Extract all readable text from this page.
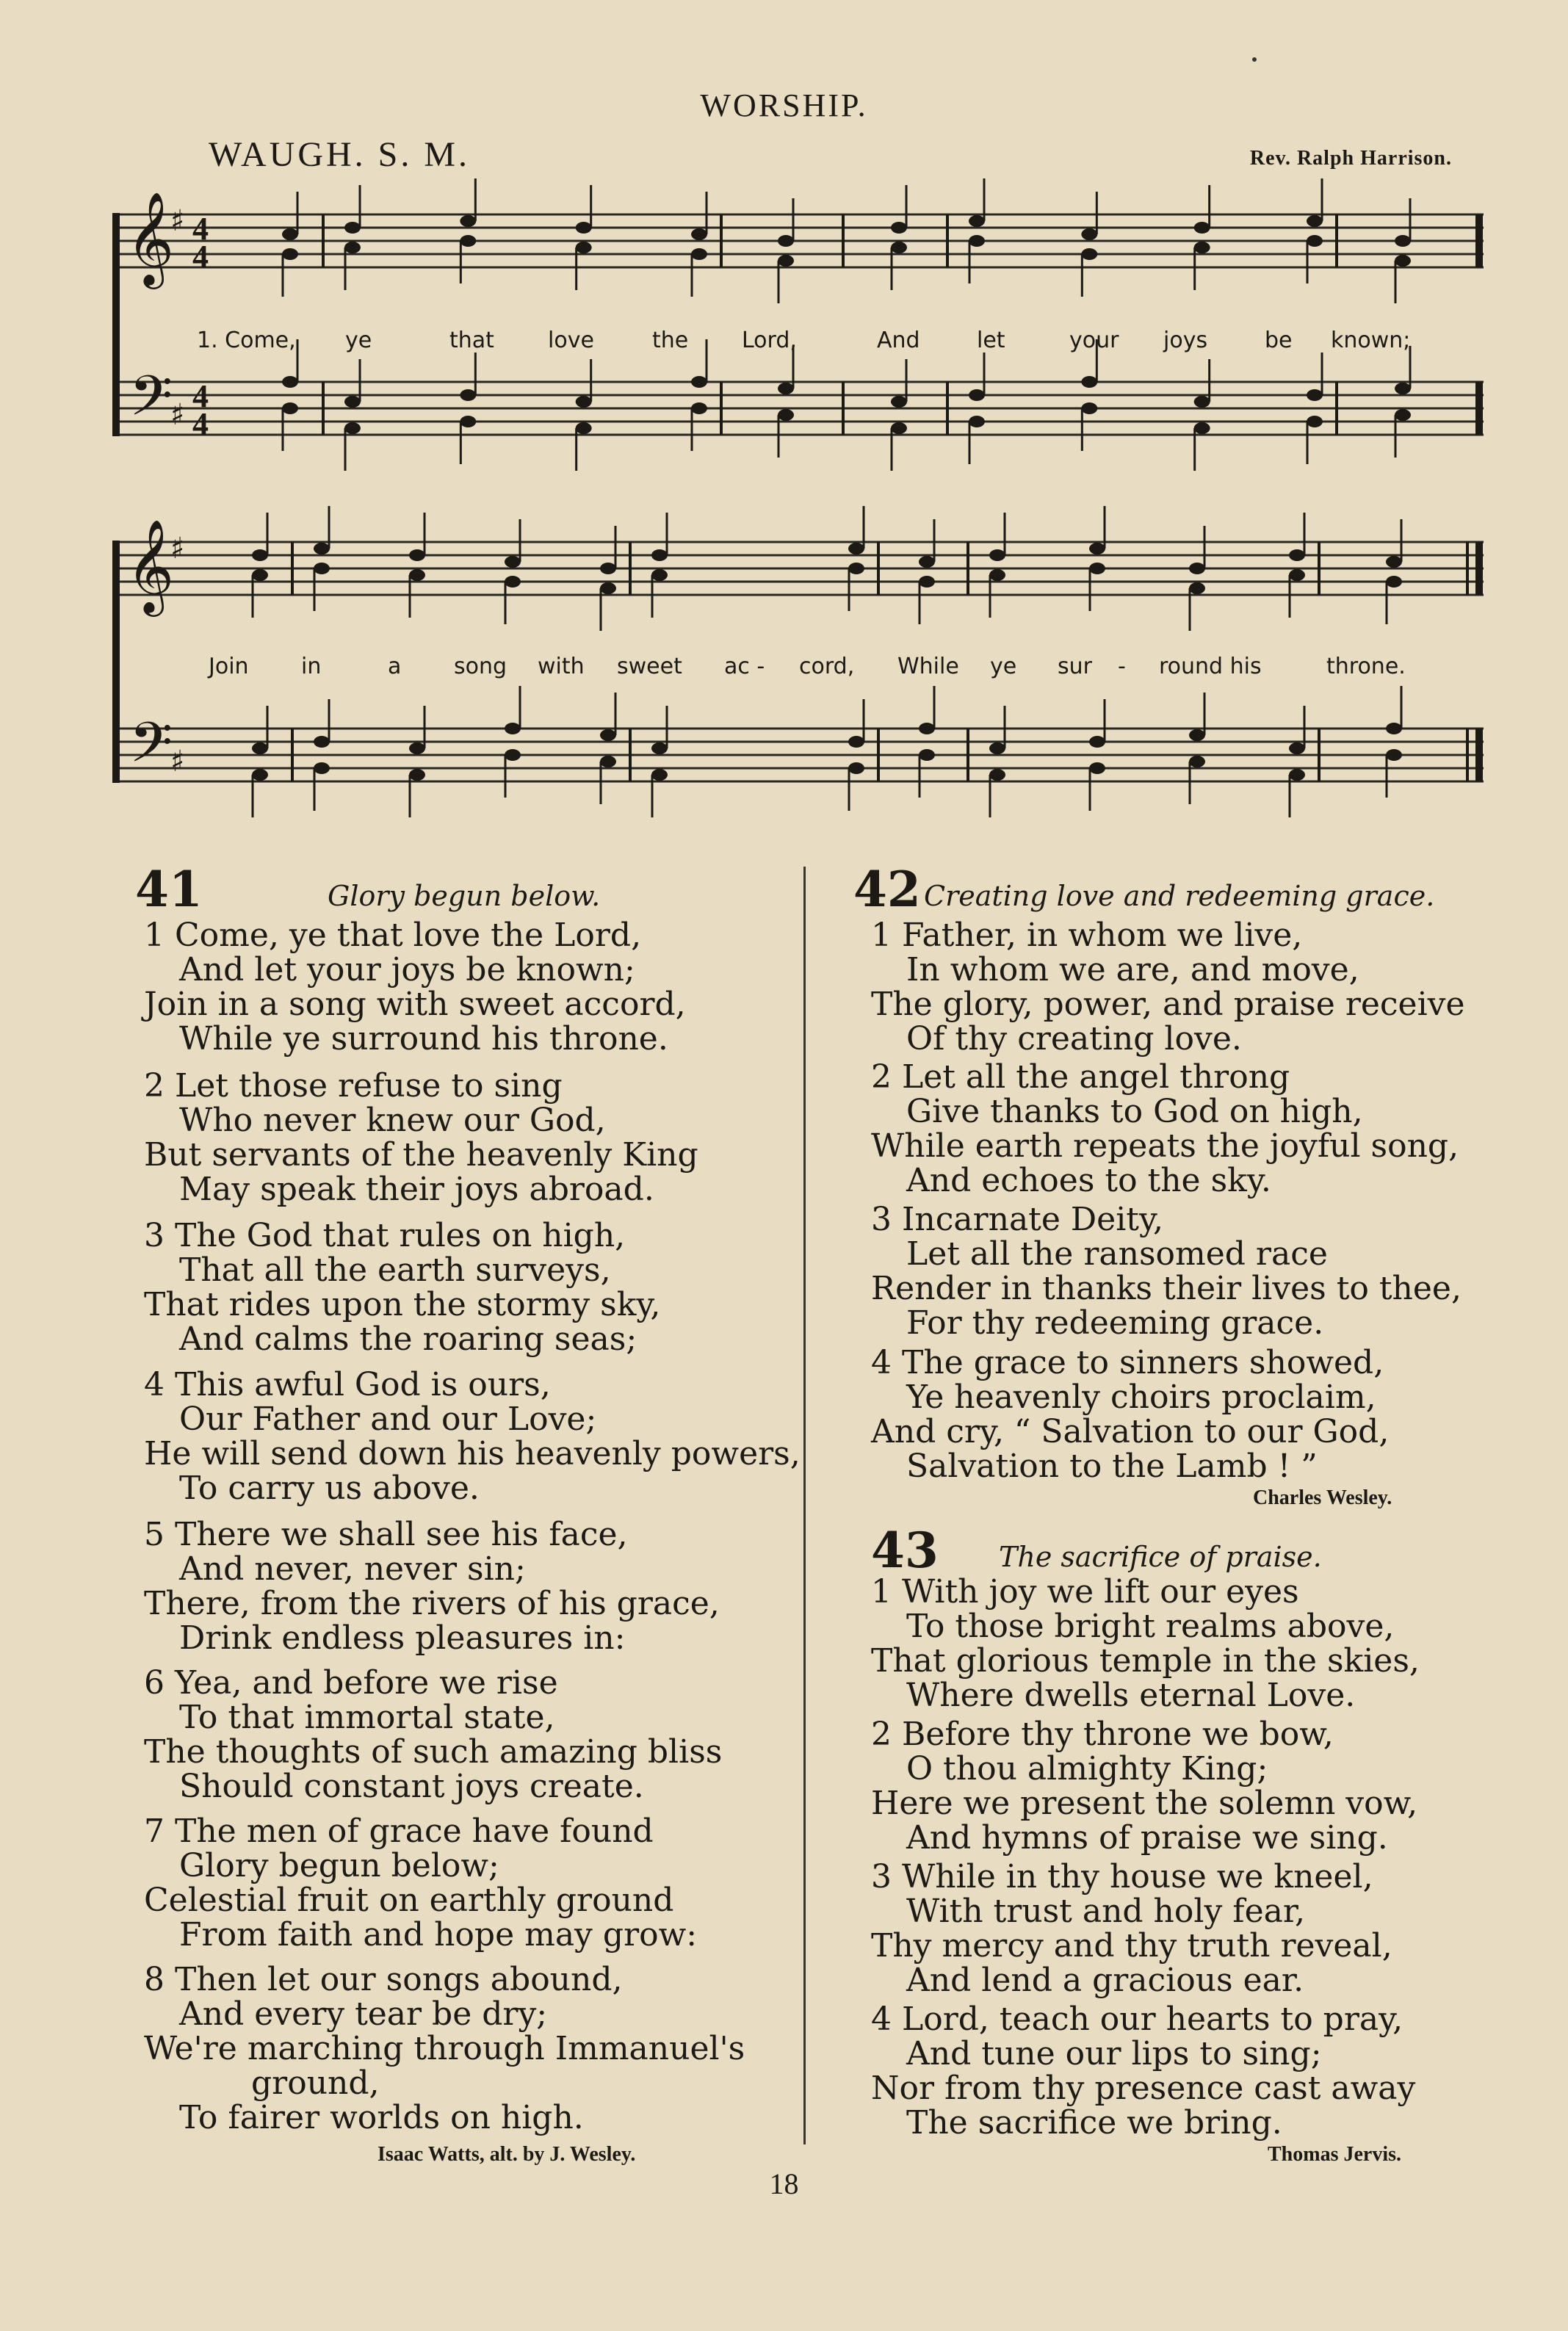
WORSHIP.
WAUGH. S. M.	Rev. Ralph Harrison.
𝄞
𝄢
♯
♯
4
4
4
4
𝄞
𝄢
♯
♯
1. Come, ye	that love	the Lord,	And	let	your joys	be known;
Join in	a song with sweet ac - cord, While ye sur - round his	throne.
41	Glory begun below.
1 Come, ye that love the Lord,
And let your joys be known;
Join in a song with sweet accord,
While ye surround his throne.
2 Let those refuse to sing
Who never knew our God,
But servants of the heavenly King
May speak their joys abroad.
3 The God that rules on high,
That all the earth surveys,
That rides upon the stormy sky,
And calms the roaring seas;
4 This awful God is ours,
Our Father and our Love;
He will send down his heavenly powers,
To carry us above.
5 There we shall see his face,
And never, never sin;
There, from the rivers of his grace,
Drink endless pleasures in:
6 Yea, and before we rise
To that immortal state,
The thoughts of such amazing bliss
Should constant joys create.
7 The men of grace have found
Glory begun below;
Celestial fruit on earthly ground
From faith and hope may grow:
8 Then let our songs abound,
And every tear be dry;
We're marching through Immanuel's
ground,
To fairer worlds on high.
Isaac Watts, alt. by J. Wesley.
42 Creating love and redeeming grace.
1 Father, in whom we live,
In whom we are, and move,
The glory, power, and praise receive
Of thy creating love.
2 Let all the angel throng
Give thanks to God on high,
While earth repeats the joyful song,
And echoes to the sky.
3 Incarnate Deity,
Let all the ransomed race
Render in thanks their lives to thee,
For thy redeeming grace.
4 The grace to sinners showed,
Ye heavenly choirs proclaim,
And cry, “ Salvation to our God,
Salvation to the Lamb ! ”
Charles Wesley.
43 The sacrifice of praise.
1 With joy we lift our eyes
To those bright realms above,
That glorious temple in the skies,
Where dwells eternal Love.
2 Before thy throne we bow,
O thou almighty King;
Here we present the solemn vow,
And hymns of praise we sing.
3 While in thy house we kneel,
With trust and holy fear,
Thy mercy and thy truth reveal,
And lend a gracious ear.
4 Lord, teach our hearts to pray,
And tune our lips to sing;
Nor from thy presence cast away
The sacrifice we bring.
Thomas Jervis.
18
